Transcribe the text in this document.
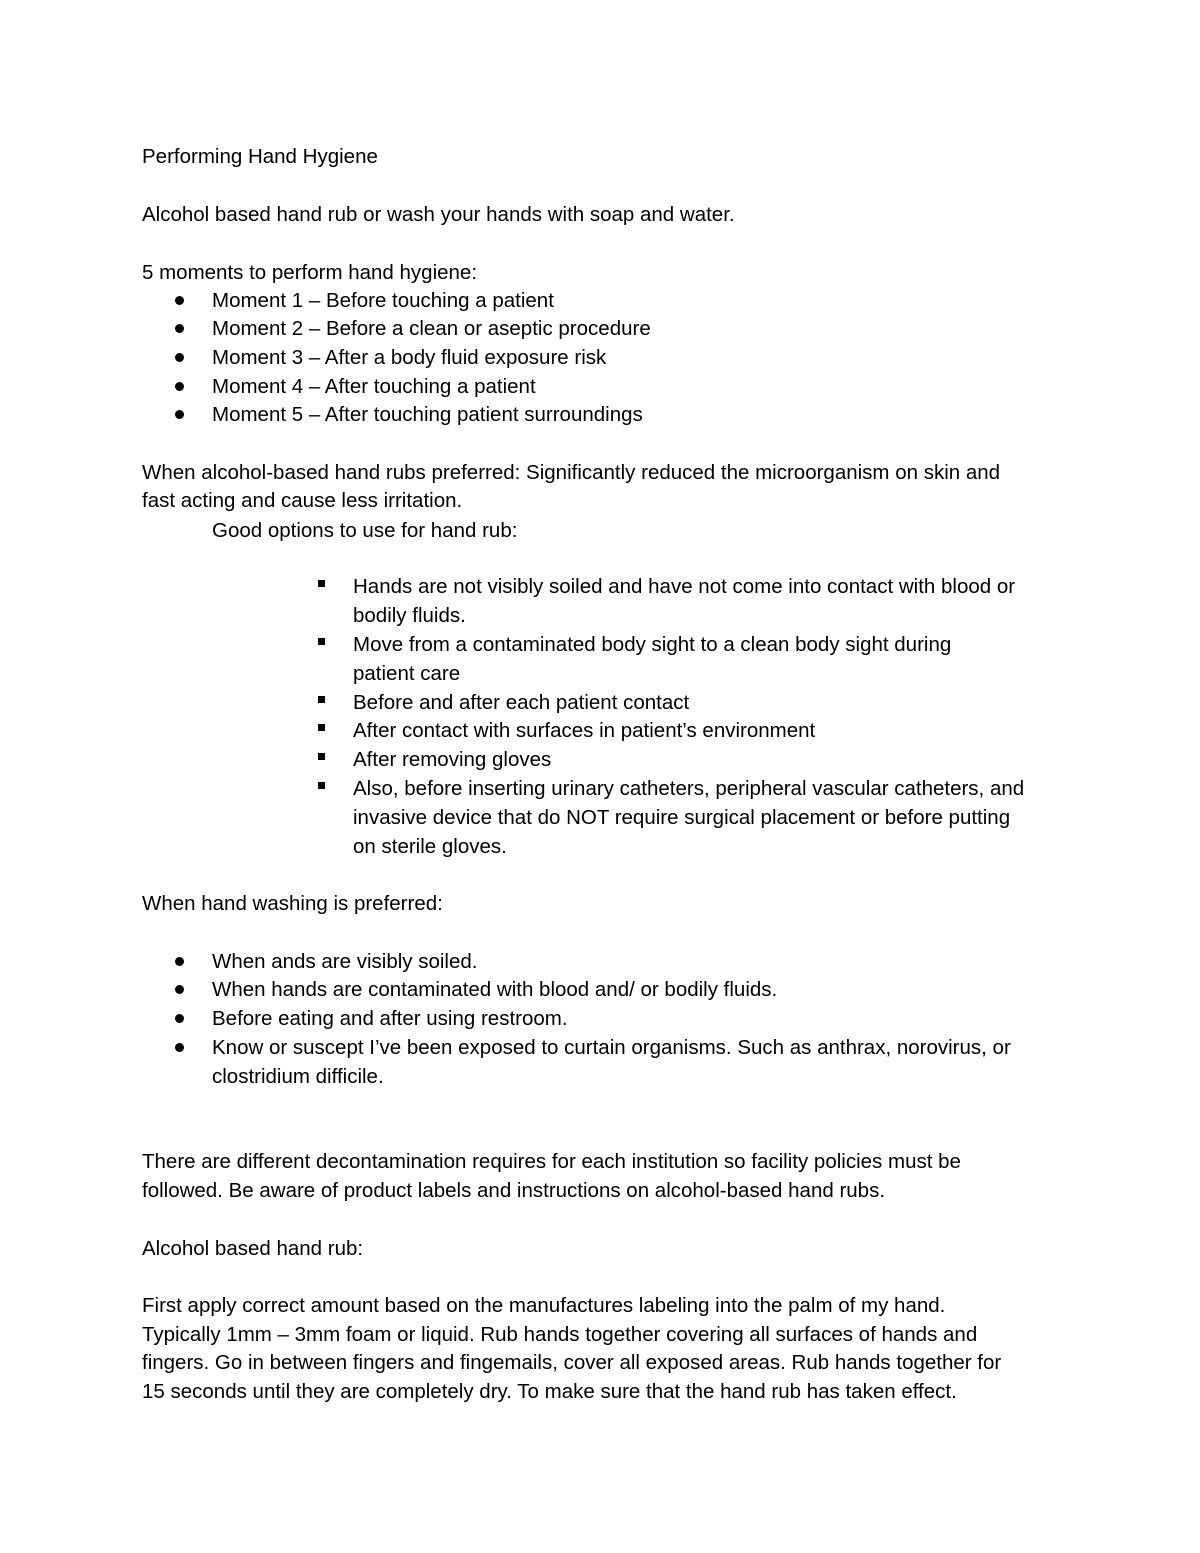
Performing Hand Hygiene
Alcohol based hand rub or wash your hands with soap and water.
5 moments to perform hand hygiene:
Moment 1 – Before touching a patient
Moment 2 – Before a clean or aseptic procedure
Moment 3 – After a body fluid exposure risk
Moment 4 – After touching a patient
Moment 5 – After touching patient surroundings
When alcohol-based hand rubs preferred: Significantly reduced the microorganism on skin and
fast acting and cause less irritation.
Good options to use for hand rub:
Hands are not visibly soiled and have not come into contact with blood or
bodily fluids.
Move from a contaminated body sight to a clean body sight during
patient care
Before and after each patient contact
After contact with surfaces in patient’s environment
After removing gloves
Also, before inserting urinary catheters, peripheral vascular catheters, and
invasive device that do NOT require surgical placement or before putting
on sterile gloves.
When hand washing is preferred:
When ands are visibly soiled.
When hands are contaminated with blood and/ or bodily fluids.
Before eating and after using restroom.
Know or suscept I’ve been exposed to curtain organisms. Such as anthrax, norovirus, or
clostridium difficile.
There are different decontamination requires for each institution so facility policies must be
followed. Be aware of product labels and instructions on alcohol-based hand rubs.
Alcohol based hand rub:
First apply correct amount based on the manufactures labeling into the palm of my hand.
Typically 1mm – 3mm foam or liquid. Rub hands together covering all surfaces of hands and
fingers. Go in between fingers and fingemails, cover all exposed areas. Rub hands together for
15 seconds until they are completely dry. To make sure that the hand rub has taken effect.
